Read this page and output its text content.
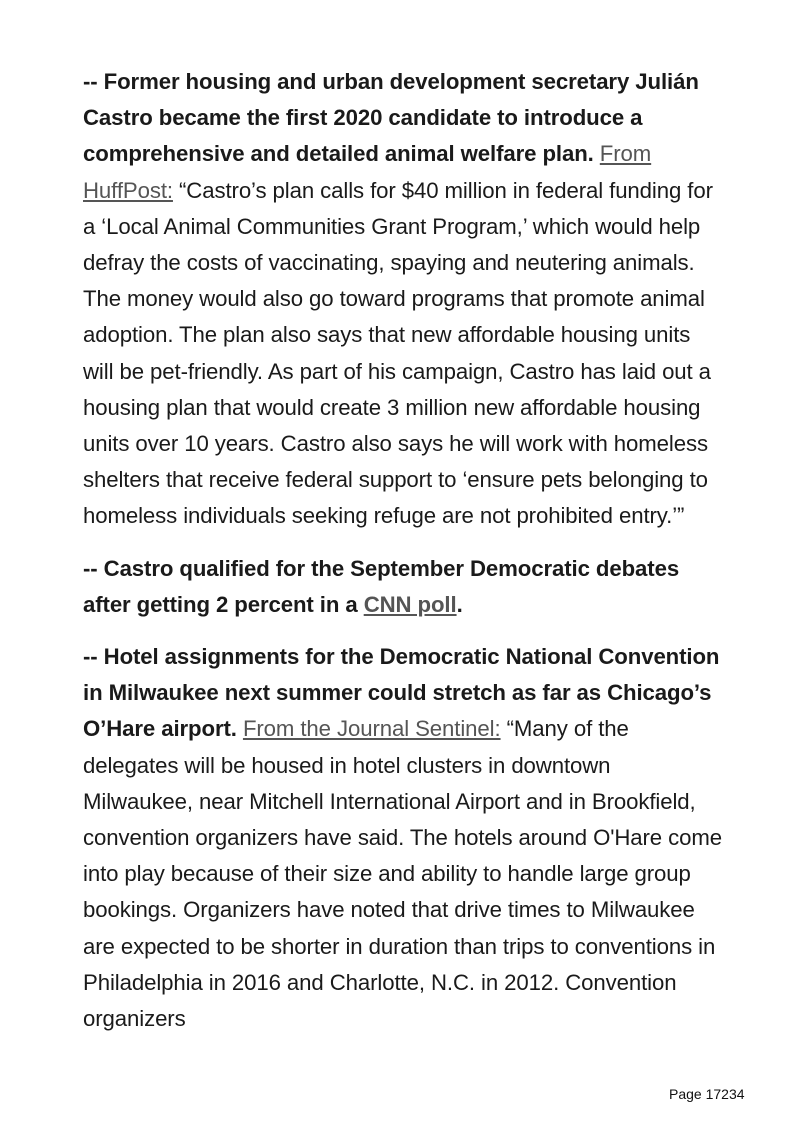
-- Former housing and urban development secretary Julián Castro became the first 2020 candidate to introduce a comprehensive and detailed animal welfare plan. From HuffPost: “Castro’s plan calls for $40 million in federal funding for a ‘Local Animal Communities Grant Program,’ which would help defray the costs of vaccinating, spaying and neutering animals. The money would also go toward programs that promote animal adoption. The plan also says that new affordable housing units will be pet-friendly. As part of his campaign, Castro has laid out a housing plan that would create 3 million new affordable housing units over 10 years. Castro also says he will work with homeless shelters that receive federal support to ‘ensure pets belonging to homeless individuals seeking refuge are not prohibited entry.’”

-- Castro qualified for the September Democratic debates after getting 2 percent in a CNN poll.

-- Hotel assignments for the Democratic National Convention in Milwaukee next summer could stretch as far as Chicago’s O’Hare airport. From the Journal Sentinel: “Many of the delegates will be housed in hotel clusters in downtown Milwaukee, near Mitchell International Airport and in Brookfield, convention organizers have said. The hotels around O'Hare come into play because of their size and ability to handle large group bookings. Organizers have noted that drive times to Milwaukee are expected to be shorter in duration than trips to conventions in Philadelphia in 2016 and Charlotte, N.C. in 2012. Convention organizers

Page 17234
